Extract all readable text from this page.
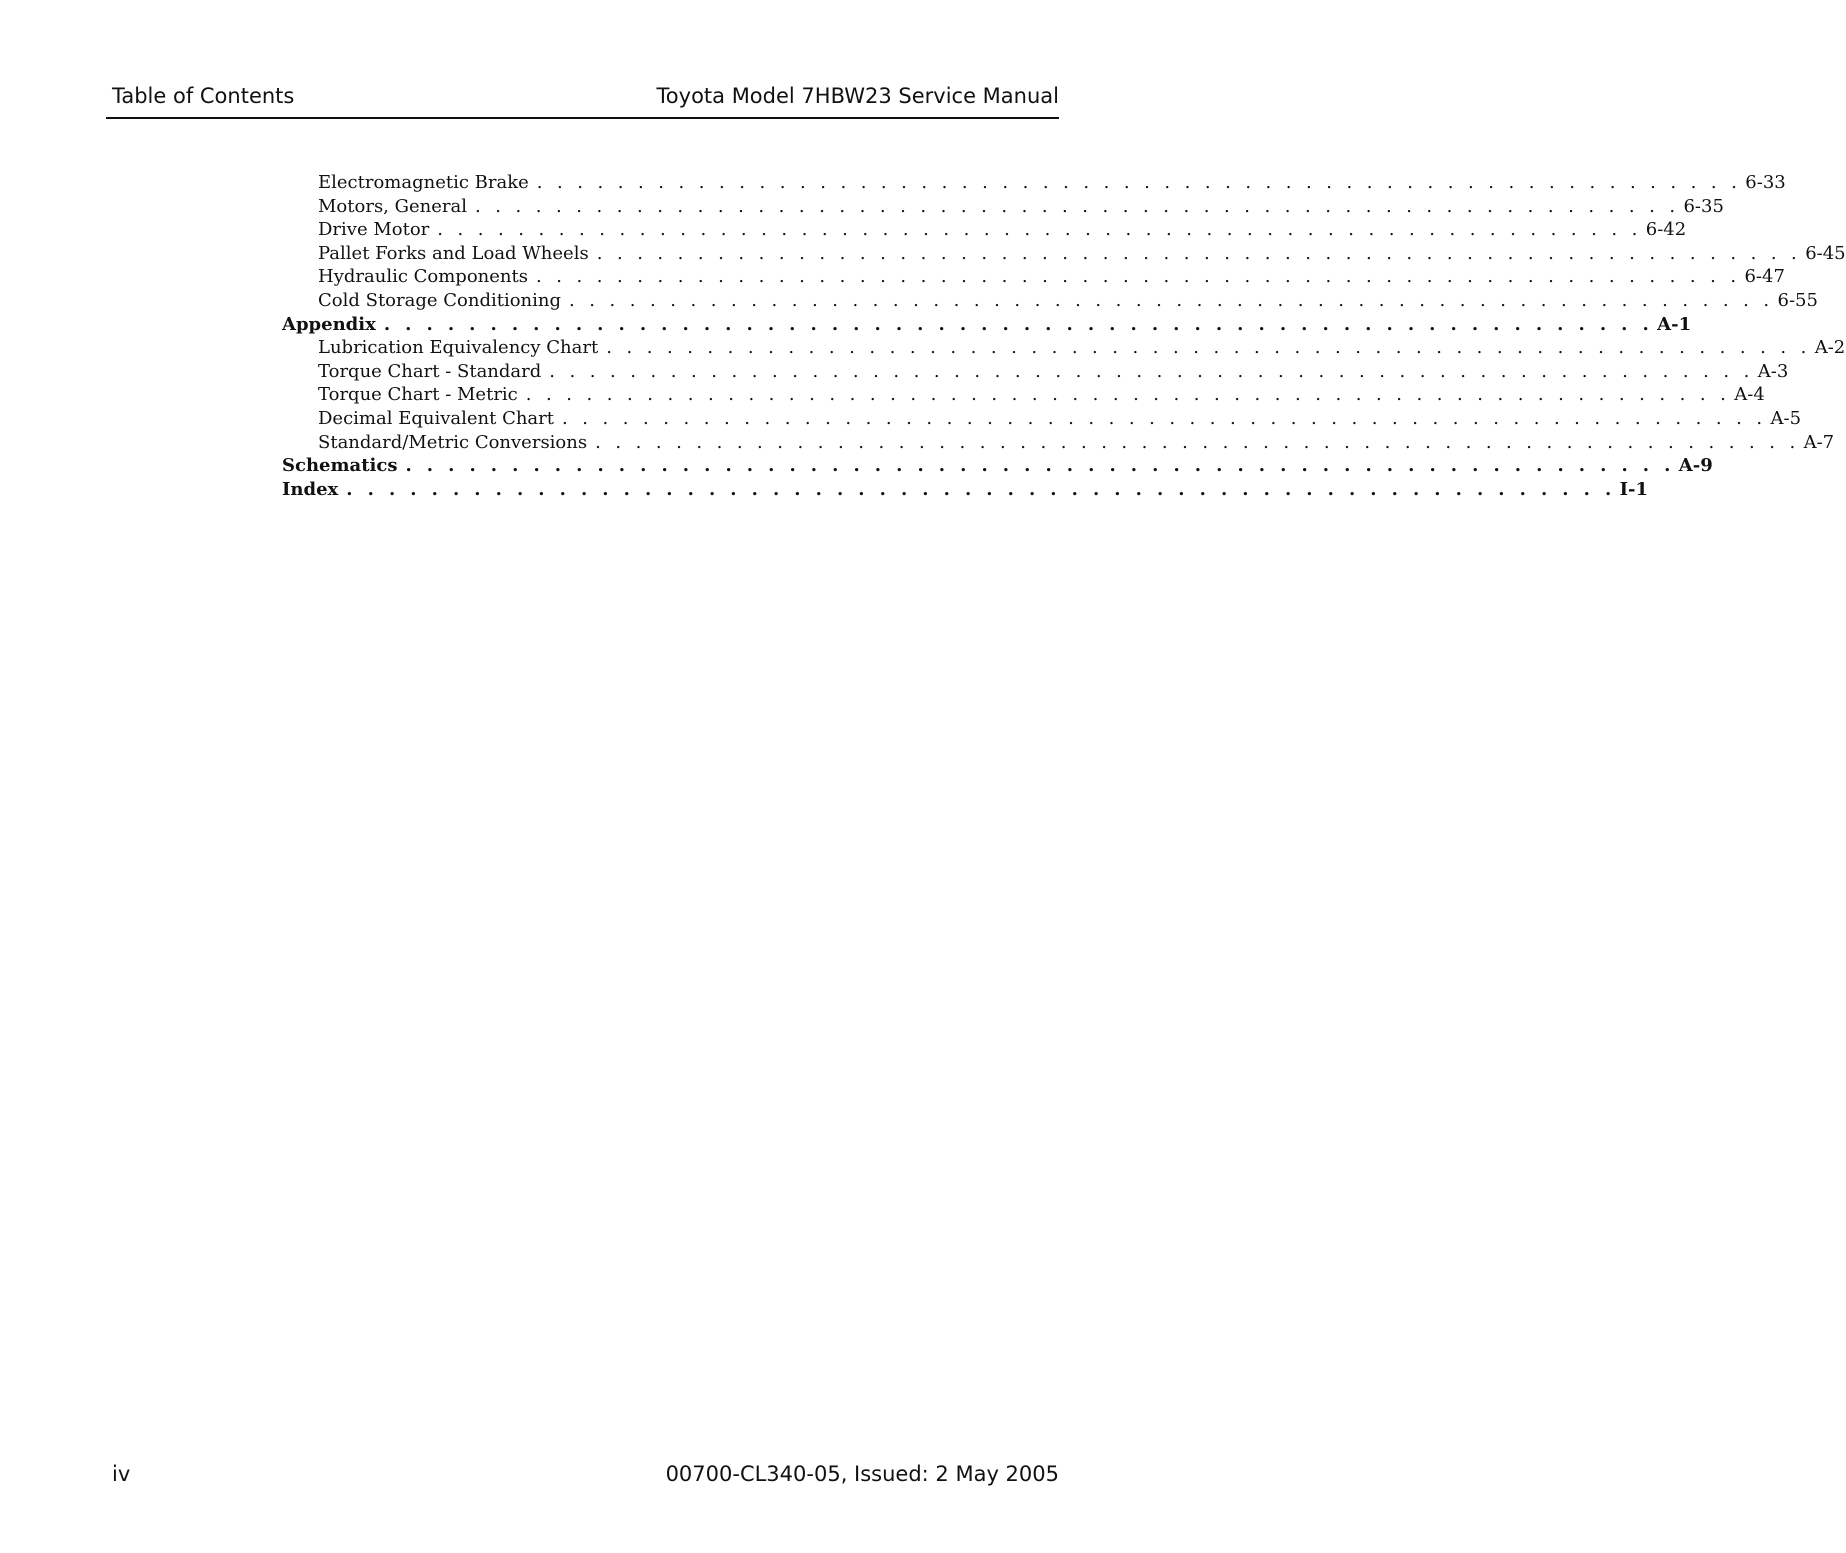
Table of Contents	Toyota Model 7HBW23 Service Manual
Electromagnetic Brake . . . . . . . . . . . . . . . . . . . . . . . . . . . . . . . . . . . . . . . . . . . . . . . . . . . . . . . . . . . . 6-33
Motors, General . . . . . . . . . . . . . . . . . . . . . . . . . . . . . . . . . . . . . . . . . . . . . . . . . . . . . . . . . . . . 6-35
Drive Motor . . . . . . . . . . . . . . . . . . . . . . . . . . . . . . . . . . . . . . . . . . . . . . . . . . . . . . . . . . . . 6-42
Pallet Forks and Load Wheels . . . . . . . . . . . . . . . . . . . . . . . . . . . . . . . . . . . . . . . . . . . . . . . . . . . . . . . . . . . . 6-45
Hydraulic Components . . . . . . . . . . . . . . . . . . . . . . . . . . . . . . . . . . . . . . . . . . . . . . . . . . . . . . . . . . . . 6-47
Cold Storage Conditioning . . . . . . . . . . . . . . . . . . . . . . . . . . . . . . . . . . . . . . . . . . . . . . . . . . . . . . . . . . . . 6-55
Appendix . . . . . . . . . . . . . . . . . . . . . . . . . . . . . . . . . . . . . . . . . . . . . . . . . . . . . . . . . . . . A-1
Lubrication Equivalency Chart . . . . . . . . . . . . . . . . . . . . . . . . . . . . . . . . . . . . . . . . . . . . . . . . . . . . . . . . . . . . A-2
Torque Chart - Standard . . . . . . . . . . . . . . . . . . . . . . . . . . . . . . . . . . . . . . . . . . . . . . . . . . . . . . . . . . . . A-3
Torque Chart - Metric . . . . . . . . . . . . . . . . . . . . . . . . . . . . . . . . . . . . . . . . . . . . . . . . . . . . . . . . . . . . A-4
Decimal Equivalent Chart . . . . . . . . . . . . . . . . . . . . . . . . . . . . . . . . . . . . . . . . . . . . . . . . . . . . . . . . . . . . A-5
Standard/Metric Conversions . . . . . . . . . . . . . . . . . . . . . . . . . . . . . . . . . . . . . . . . . . . . . . . . . . . . . . . . . . . . A-7
Schematics . . . . . . . . . . . . . . . . . . . . . . . . . . . . . . . . . . . . . . . . . . . . . . . . . . . . . . . . . . . . A-9
Index . . . . . . . . . . . . . . . . . . . . . . . . . . . . . . . . . . . . . . . . . . . . . . . . . . . . . . . . . . . . I-1
iv	00700-CL340-05, Issued: 2 May 2005
